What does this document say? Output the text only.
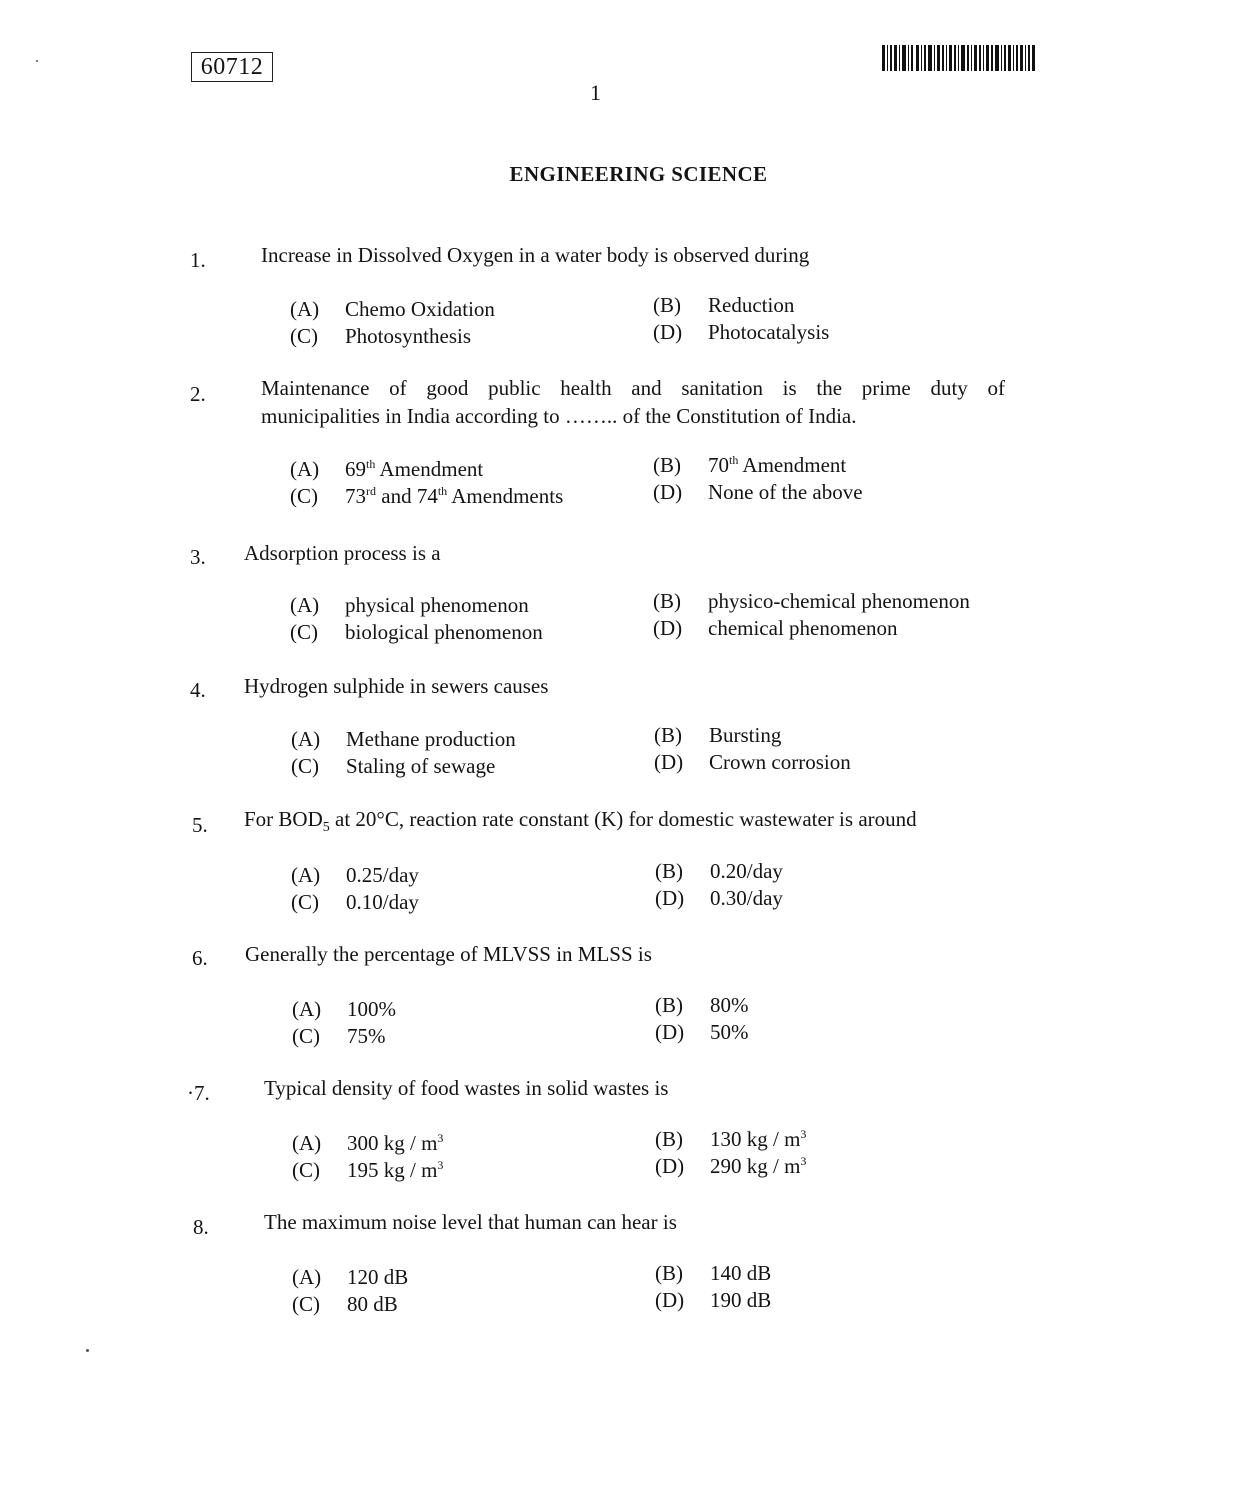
60712
1
ENGINEERING SCIENCE
1.	Increase in Dissolved Oxygen in a water body is observed during
(A) Chemo Oxidation	(B) Reduction
(C) Photosynthesis	(D) Photocatalysis
2.	Maintenance of good public health and sanitation is the prime duty of
municipalities in India according to …….. of the Constitution of India.
(A) 69th Amendment	(B) 70th Amendment
(C) 73rd and 74th Amendments	(D) None of the above
3. Adsorption process is a
(A) physical phenomenon	(B) physico-chemical phenomenon
(C) biological phenomenon	(D) chemical phenomenon
4. Hydrogen sulphide in sewers causes
(A) Methane production	(B) Bursting
(C) Staling of sewage	(D) Crown corrosion
5. For $BOD_5$ at 20°C, reaction rate constant (K) for domestic wastewater is around
(A) 0.25/day	(B) 0.20/day
(C) 0.10/day	(D) 0.30/day
6. Generally the percentage of MLVSS in MLSS is
(A) 100%	(B) 80%
(C) 75%	(D) 50%
·7.	Typical density of food wastes in solid wastes is
(A) 300 kg / $m^3$	(B) 130 kg / $m^3$
(C) 195 kg / $m^3$	(D) 290 kg / $m^3$
8.	The maximum noise level that human can hear is
(A) 120 dB	(B) 140 dB
(C) 80 dB	(D) 190 dB
